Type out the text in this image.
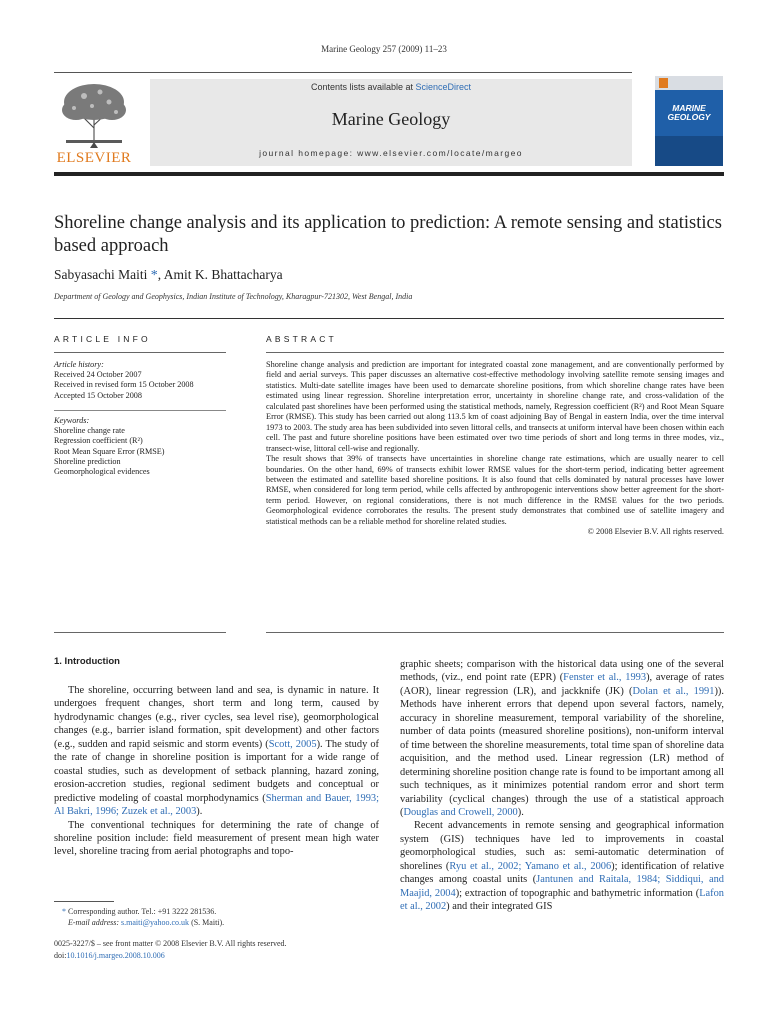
Marine Geology 257 (2009) 11–23
ELSEVIER
Contents lists available at ScienceDirect
Marine Geology
journal homepage: www.elsevier.com/locate/margeo
MARINE
GEOLOGY
Shoreline change analysis and its application to prediction: A remote sensing and statistics based approach
Sabyasachi Maiti *, Amit K. Bhattacharya
Department of Geology and Geophysics, Indian Institute of Technology, Kharagpur-721302, West Bengal, India
ARTICLE INFO	ABSTRACT
Article history:
Received 24 October 2007
Received in revised form 15 October 2008
Accepted 15 October 2008
Keywords:
Shoreline change rate
Regression coefficient (R²)
Root Mean Square Error (RMSE)
Shoreline prediction
Geomorphological evidences
Shoreline change analysis and prediction are important for integrated coastal zone management, and are conventionally performed by field and aerial surveys. This paper discusses an alternative cost-effective methodology involving satellite remote sensing images and statistics. Multi-date satellite images have been used to demarcate shoreline positions, from which shoreline change rates have been estimated using linear regression. Shoreline interpretation error, uncertainty in shoreline change rate, and cross-validation of the calculated past shorelines have been performed using the statistical methods, namely, Regression coefficient (R²) and Root Mean Square Error (RMSE). This study has been carried out along 113.5 km of coast adjoining Bay of Bengal in eastern India, over the time interval 1973 to 2003. The study area has been subdivided into seven littoral cells, and transects at uniform interval have been chosen within each cell. The past and future shoreline positions have been estimated over two time periods of short and long terms in three modes, viz., transect-wise, littoral cell-wise and regionally.
The result shows that 39% of transects have uncertainties in shoreline change rate estimations, which are usually nearer to cell boundaries. On the other hand, 69% of transects exhibit lower RMSE values for the short-term period, indicating better agreement between the estimated and satellite based shoreline positions. It is also found that cells dominated by natural processes have lower RMSE, when considered for long term period, while cells affected by anthropogenic interventions show better agreement for the short-term period. However, on regional considerations, there is not much difference in the RMSE values for the two periods. Geomorphological evidence corroborates the results. The present study demonstrates that combined use of satellite imagery and statistical methods can be a reliable method for shoreline related studies.
© 2008 Elsevier B.V. All rights reserved.
1. Introduction

The shoreline, occurring between land and sea, is dynamic in nature. It undergoes frequent changes, short term and long term, caused by hydrodynamic changes (e.g., river cycles, sea level rise), geomorphological changes (e.g., barrier island formation, spit development) and other factors (e.g., sudden and rapid seismic and storm events) (Scott, 2005). The study of the rate of change in shoreline position is important for a wide range of coastal studies, such as development of setback planning, hazard zoning, erosion-accretion studies, regional sediment budgets and conceptual or predictive modeling of coastal morphodynamics (Sherman and Bauer, 1993; Al Bakri, 1996; Zuzek et al., 2003).

The conventional techniques for determining the rate of change of shoreline position include: field measurement of present mean high water level, shoreline tracing from aerial photographs and topo-

graphic sheets; comparison with the historical data using one of the several methods, (viz., end point rate (EPR) (Fenster et al., 1993), average of rates (AOR), linear regression (LR), and jackknife (JK) (Dolan et al., 1991)). Methods have inherent errors that depend upon several factors, namely, accuracy in shoreline measurement, temporal variability of the shoreline, number of data points (measured shoreline positions), non-uniform interval of time between the shoreline measurements, total time span of shoreline data acquisition, and the method used. Linear regression (LR) method of determining shoreline position change rate is found to be important among all such techniques, as it minimizes potential random error and short term variability (cyclical changes) through the use of a statistical approach (Douglas and Crowell, 2000).

Recent advancements in remote sensing and geographical information system (GIS) techniques have led to improvements in coastal geomorphological studies, such as: semi-automatic determination of shorelines (Ryu et al., 2002; Yamano et al., 2006); identification of relative changes among coastal units (Jantunen and Raitala, 1984; Siddiqui, and Maajid, 2004); extraction of topographic and bathymetric information (Lafon et al., 2002) and their integrated GIS

* Corresponding author. Tel.: +91 3222 281536.
E-mail address: s.maiti@yahoo.co.uk (S. Maiti).
0025-3227/$ – see front matter © 2008 Elsevier B.V. All rights reserved.
doi:10.1016/j.margeo.2008.10.006
